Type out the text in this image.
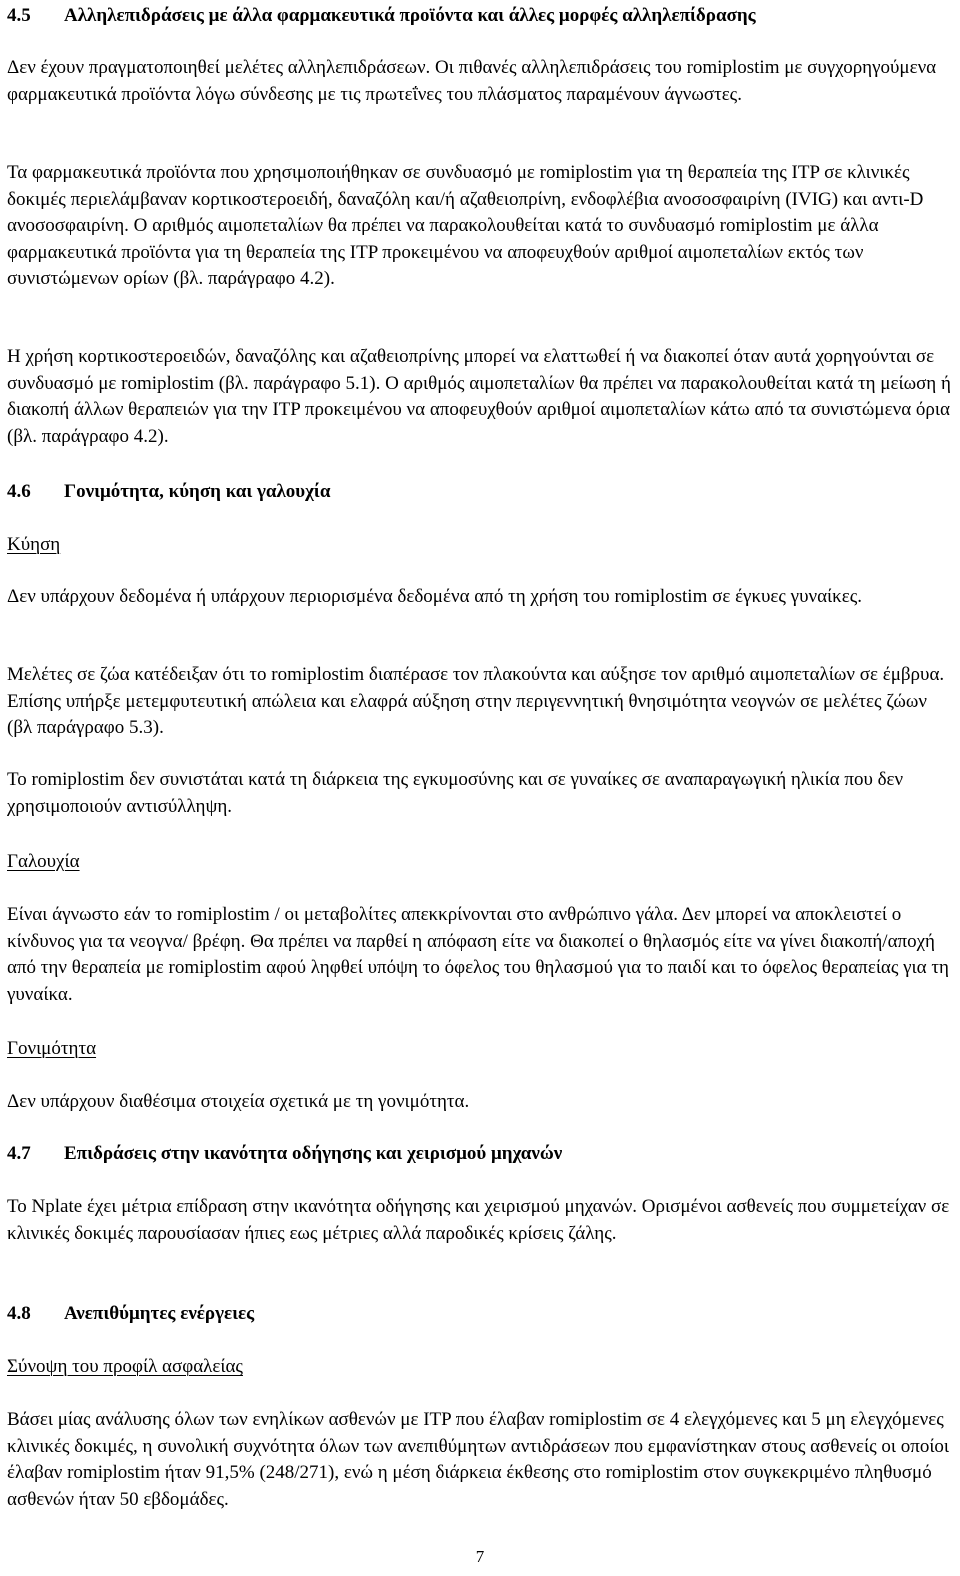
4.5 Αλληλεπιδράσεις με άλλα φαρμακευτικά προϊόντα και άλλες μορφές αλληλεπίδρασης

Δεν έχουν πραγματοποιηθεί μελέτες αλληλεπιδράσεων. Οι πιθανές αλληλεπιδράσεις του romiplostim με συγχορηγούμενα φαρμακευτικά προϊόντα λόγω σύνδεσης με τις πρωτεΐνες του πλάσματος παραμένουν άγνωστες.

Τα φαρμακευτικά προϊόντα που χρησιμοποιήθηκαν σε συνδυασμό με romiplostim για τη θεραπεία της ITP σε κλινικές δοκιμές περιελάμβαναν κορτικοστεροειδή, δαναζόλη και/ή αζαθειοπρίνη, ενδοφλέβια ανοσοσφαιρίνη (IVIG) και αντι-D ανοσοσφαιρίνη. Ο αριθμός αιμοπεταλίων θα πρέπει να παρακολουθείται κατά το συνδυασμό romiplostim με άλλα φαρμακευτικά προϊόντα για τη θεραπεία της ITP προκειμένου να αποφευχθούν αριθμοί αιμοπεταλίων εκτός των συνιστώμενων ορίων (βλ. παράγραφο 4.2).

Η χρήση κορτικοστεροειδών, δαναζόλης και αζαθειοπρίνης μπορεί να ελαττωθεί ή να διακοπεί όταν αυτά χορηγούνται σε συνδυασμό με romiplostim (βλ. παράγραφο 5.1). Ο αριθμός αιμοπεταλίων θα πρέπει να παρακολουθείται κατά τη μείωση ή διακοπή άλλων θεραπειών για την ITP προκειμένου να αποφευχθούν αριθμοί αιμοπεταλίων κάτω από τα συνιστώμενα όρια (βλ. παράγραφο 4.2).

4.6 Γονιμότητα, κύηση και γαλουχία
Κύηση

Δεν υπάρχουν δεδομένα ή υπάρχουν περιορισμένα δεδομένα από τη χρήση του romiplostim σε έγκυες γυναίκες.

Μελέτες σε ζώα κατέδειξαν ότι το romiplostim διαπέρασε τον πλακούντα και αύξησε τον αριθμό αιμοπεταλίων σε έμβρυα. Επίσης υπήρξε μετεμφυτευτική απώλεια και ελαφρά αύξηση στην περιγεννητική θνησιμότητα νεογνών σε μελέτες ζώων (βλ παράγραφο 5.3).

Το romiplostim δεν συνιστάται κατά τη διάρκεια της εγκυμοσύνης και σε γυναίκες σε αναπαραγωγική ηλικία που δεν χρησιμοποιούν αντισύλληψη.

Γαλουχία

Είναι άγνωστο εάν το romiplostim / οι μεταβολίτες απεκκρίνονται στο ανθρώπινο γάλα. Δεν μπορεί να αποκλειστεί ο κίνδυνος για τα νεογνα/ βρέφη. Θα πρέπει να παρθεί η απόφαση είτε να διακοπεί ο θηλασμός είτε να γίνει διακοπή/αποχή από την θεραπεία με romiplostim αφού ληφθεί υπόψη το όφελος του θηλασμού για το παιδί και το όφελος θεραπείας για τη γυναίκα.

Γονιμότητα

Δεν υπάρχουν διαθέσιμα στοιχεία σχετικά με τη γονιμότητα.

4.7 Επιδράσεις στην ικανότητα οδήγησης και χειρισμού μηχανών

Το Nplate έχει μέτρια επίδραση στην ικανότητα οδήγησης και χειρισμού μηχανών. Ορισμένοι ασθενείς που συμμετείχαν σε κλινικές δοκιμές παρουσίασαν ήπιες εως μέτριες αλλά παροδικές κρίσεις ζάλης.

4.8 Ανεπιθύμητες ενέργειες
Σύνοψη του προφίλ ασφαλείας

Βάσει μίας ανάλυσης όλων των ενηλίκων ασθενών με ITP που έλαβαν romiplostim σε 4 ελεγχόμενες και 5 μη ελεγχόμενες κλινικές δοκιμές, η συνολική συχνότητα όλων των ανεπιθύμητων αντιδράσεων που εμφανίστηκαν στους ασθενείς οι οποίοι έλαβαν romiplostim ήταν 91,5% (248/271), ενώ η μέση διάρκεια έκθεσης στο romiplostim στον συγκεκριμένο πληθυσμό ασθενών ήταν 50 εβδομάδες.

7
